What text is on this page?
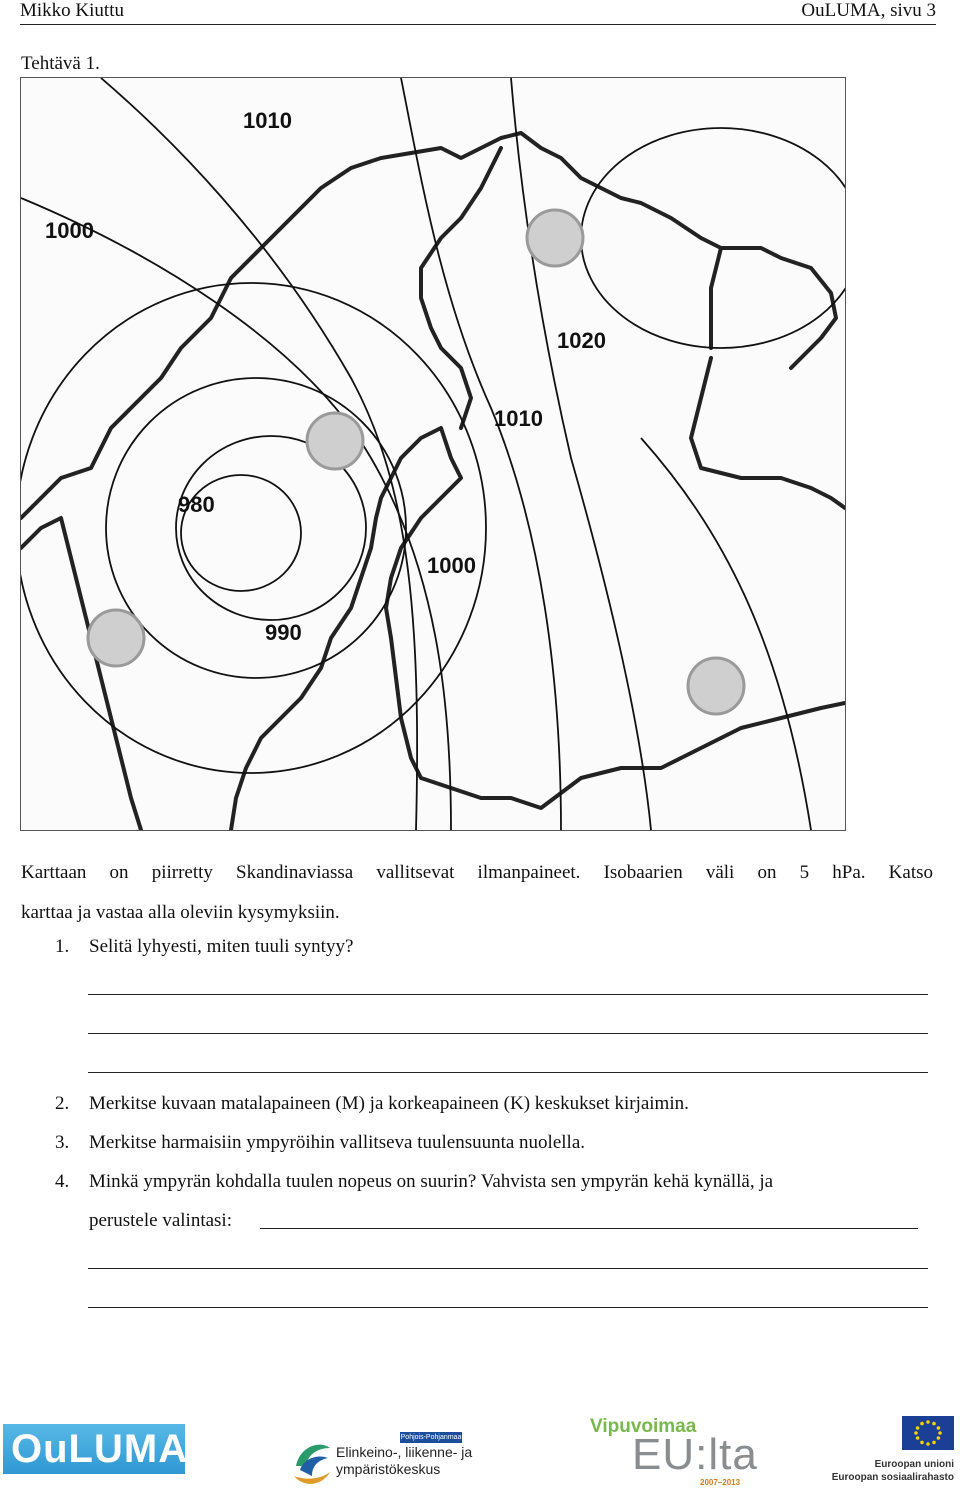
Mikko Kiuttu	OuLUMA, sivu 3
Tehtävä 1.
1010
1000
1020
1010
980
1000
990
Karttaan on piirretty Skandinaviassa vallitsevat ilmanpaineet. Isobaarien väli on 5 hPa. Katso
karttaa ja vastaa alla oleviin kysymyksiin.
1. Selitä lyhyesti, miten tuuli syntyy?
2. Merkitse kuvaan matalapaineen (M) ja korkeapaineen (K) keskukset kirjaimin.
3. Merkitse harmaisiin ympyröihin vallitseva tuulensuunta nuolella.
4. Minkä ympyrän kohdalla tuulen nopeus on suurin? Vahvista sen ympyrän kehä kynällä, ja
perustele valintasi:
OuLUMA	Pohjois-Pohjanmaa
Elinkeino-, liikenne- ja
ympäristökeskus
Vipuvoimaa
EU:lta
2007–2013
Euroopan unioni
Euroopan sosiaalirahasto
